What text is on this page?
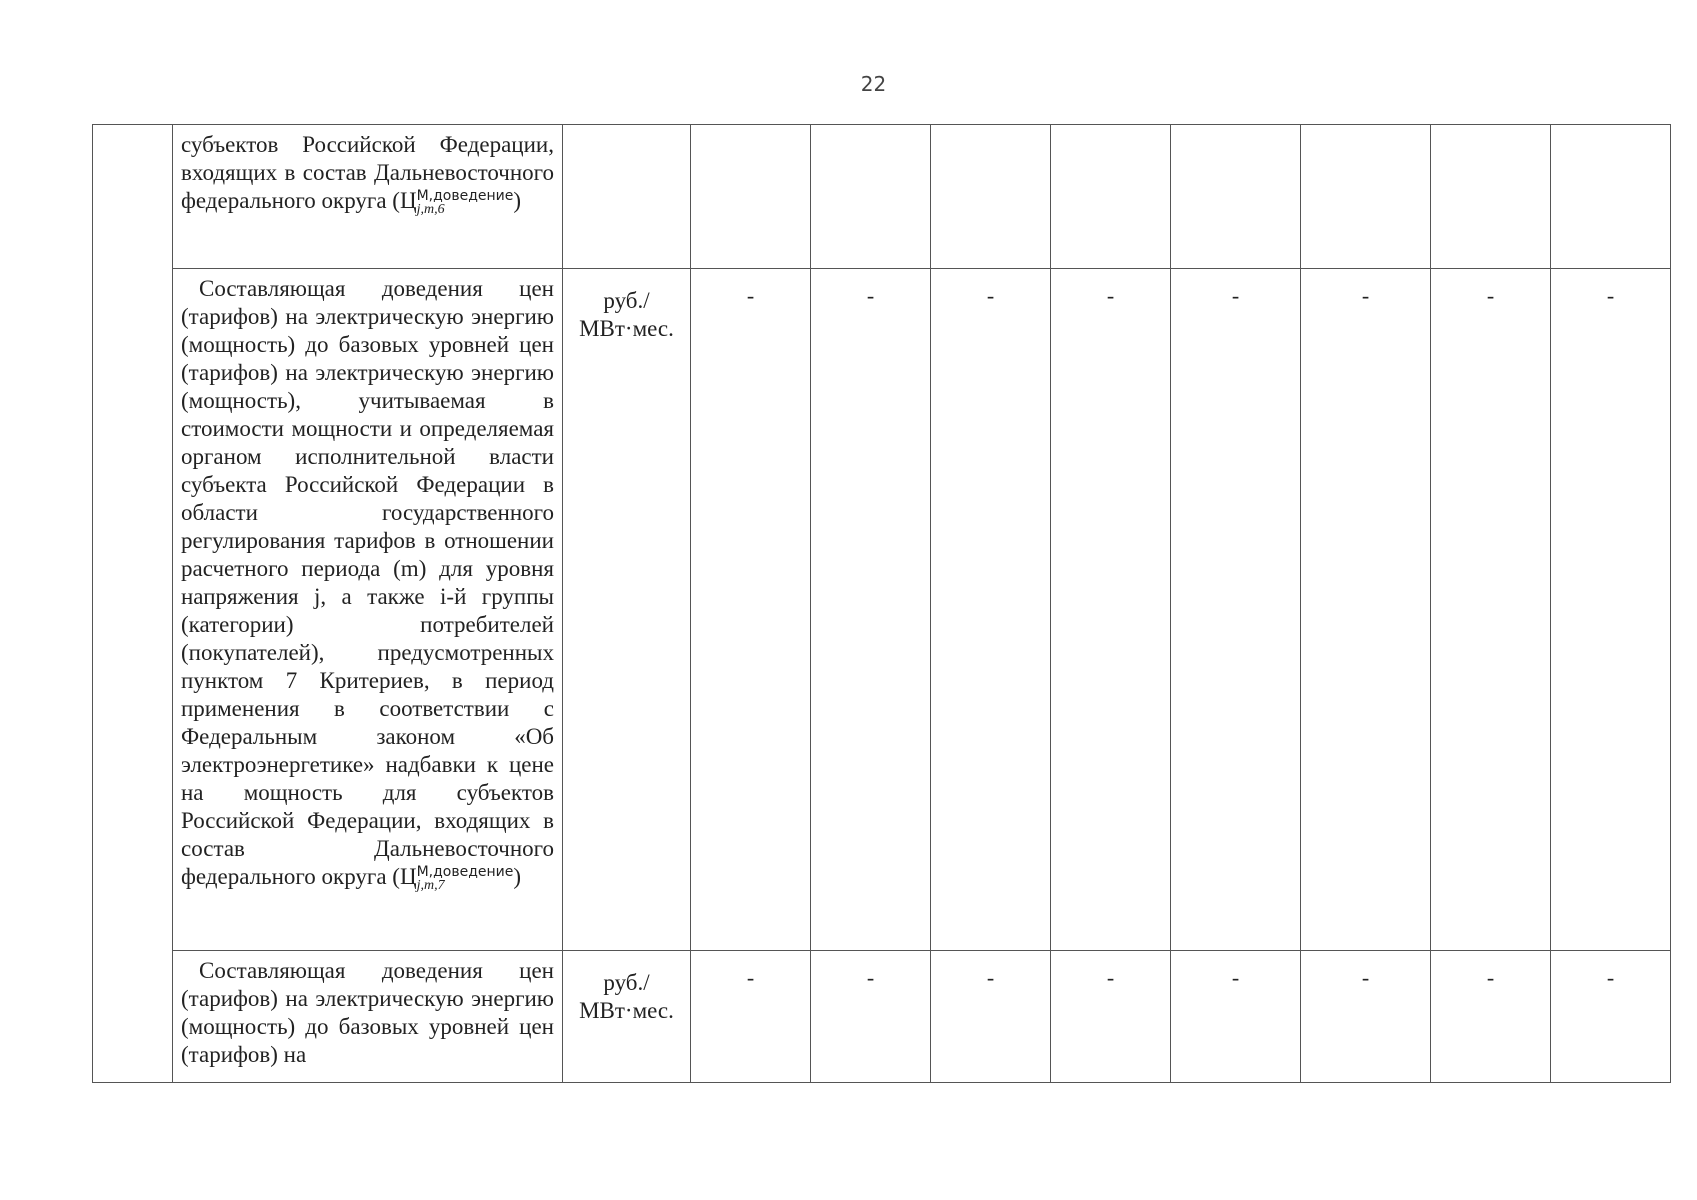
22

	субъектов Российской Федерации, входящих в состав Дальневосточного федерального округа (Ц М,доведение
j,m,6 )									

	Составляющая доведения цен (тарифов) на электрическую энергию (мощность) до базовых уровней цен (тарифов) на электрическую энергию (мощность), учитываемая в стоимости мощности и определяемая органом исполнительной власти субъекта Российской Федерации в области государственного регулирования тарифов в отношении расчетного периода (m) для уровня напряжения j, а также i-й группы (категории) потребителей (покупателей), предусмотренных пунктом 7 Критериев, в период применения в соответствии с Федеральным законом «Об электроэнергетике» надбавки к цене на мощность для субъектов Российской Федерации, входящих в состав Дальневосточного федерального округа (Ц М,доведение
j,m,7 )	руб./ МВт·мес.	-	-	-	-	-	-	-	-

	Составляющая доведения цен (тарифов) на электрическую энергию (мощность) до базовых уровней цен (тарифов) на	руб./ МВт·мес.	-	-	-	-	-	-	-	-
